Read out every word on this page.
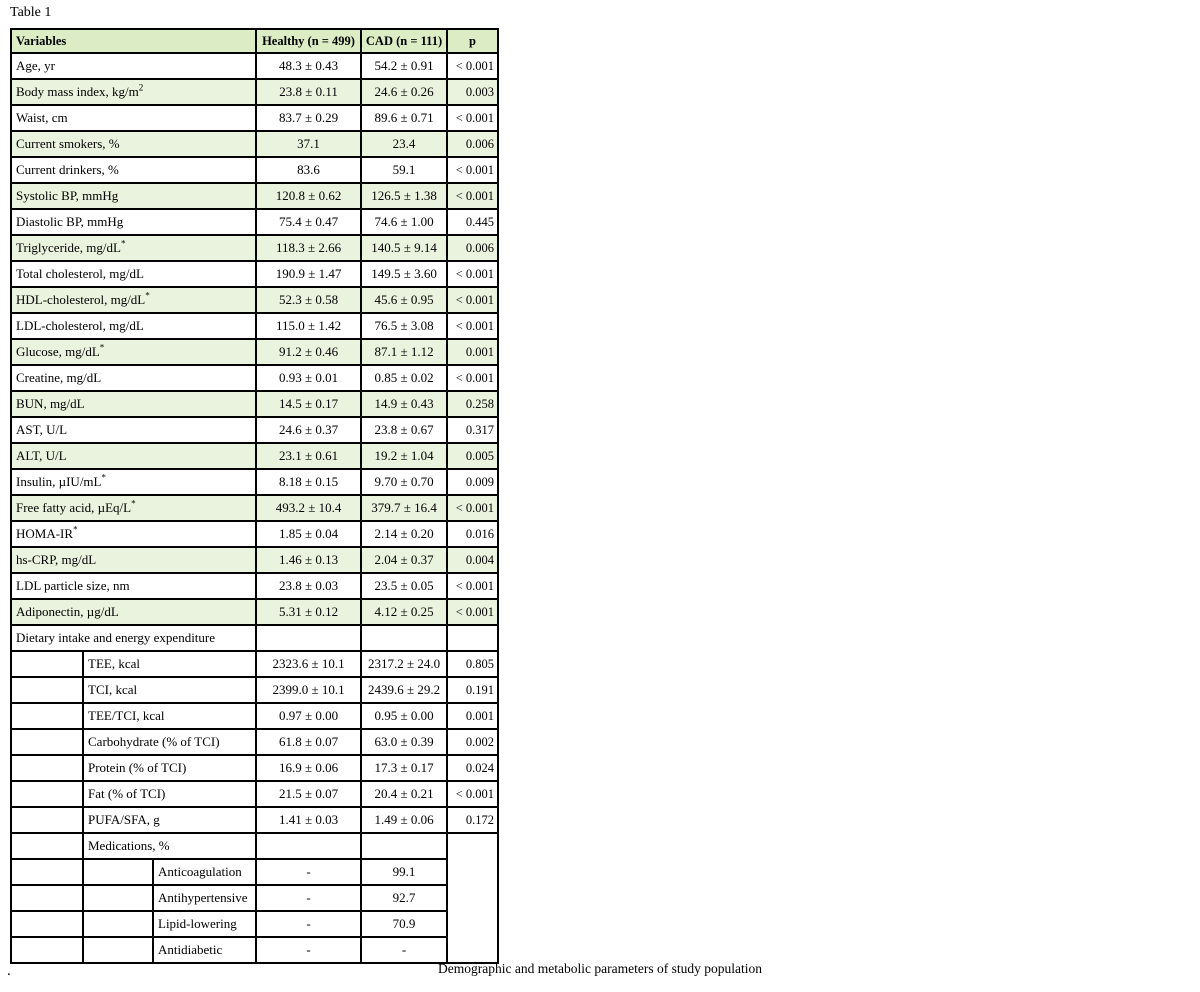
Table 1
Variables			Healthy (n = 499)	CAD (n = 111)	p
Age, yr			48.3 ± 0.43	54.2 ± 0.91	< 0.001
Body mass index, $kg/m^2$			23.8 ± 0.11	24.6 ± 0.26	0.003
Waist, cm			83.7 ± 0.29	89.6 ± 0.71	< 0.001
Current smokers, %			37.1	23.4	0.006
Current drinkers, %			83.6	59.1	< 0.001
Systolic BP, mmHg			120.8 ± 0.62	126.5 ± 1.38	< 0.001
Diastolic BP, mmHg			75.4 ± 0.47	74.6 ± 1.00	0.445
Triglyceride, mg/dL*			118.3 ± 2.66	140.5 ± 9.14	0.006
Total cholesterol, mg/dL			190.9 ± 1.47	149.5 ± 3.60	< 0.001
HDL-cholesterol, mg/dL*			52.3 ± 0.58	45.6 ± 0.95	< 0.001
LDL-cholesterol, mg/dL			115.0 ± 1.42	76.5 ± 3.08	< 0.001
Glucose, mg/dL*			91.2 ± 0.46	87.1 ± 1.12	0.001
Creatine, mg/dL			0.93 ± 0.01	0.85 ± 0.02	< 0.001
BUN, mg/dL			14.5 ± 0.17	14.9 ± 0.43	0.258
AST, U/L			24.6 ± 0.37	23.8 ± 0.67	0.317
ALT, U/L			23.1 ± 0.61	19.2 ± 1.04	0.005
Insulin, µIU/mL*			8.18 ± 0.15	9.70 ± 0.70	0.009
Free fatty acid, µEq/L*			493.2 ± 10.4	379.7 ± 16.4	< 0.001
HOMA-IR*			1.85 ± 0.04	2.14 ± 0.20	0.016
hs-CRP, mg/dL			1.46 ± 0.13	2.04 ± 0.37	0.004
LDL particle size, nm			23.8 ± 0.03	23.5 ± 0.05	< 0.001
Adiponectin, µg/dL			5.31 ± 0.12	4.12 ± 0.25	< 0.001
Dietary intake and energy expenditure					
	TEE, kcal		2323.6 ± 10.1	2317.2 ± 24.0	0.805
	TCI, kcal		2399.0 ± 10.1	2439.6 ± 29.2	0.191
	TEE/TCI, kcal		0.97 ± 0.00	0.95 ± 0.00	0.001
	Carbohydrate (% of TCI)		61.8 ± 0.07	63.0 ± 0.39	0.002
	Protein (% of TCI)		16.9 ± 0.06	17.3 ± 0.17	0.024
	Fat (% of TCI)		21.5 ± 0.07	20.4 ± 0.21	< 0.001
	PUFA/SFA, g		1.41 ± 0.03	1.49 ± 0.06	0.172
	Medications, %				
		Anticoagulation	-	99.1	
		Antihypertensive	-	92.7	
		Lipid-lowering	-	70.9	
		Antidiabetic	-	-	
Demographic and metabolic parameters of study population
.
